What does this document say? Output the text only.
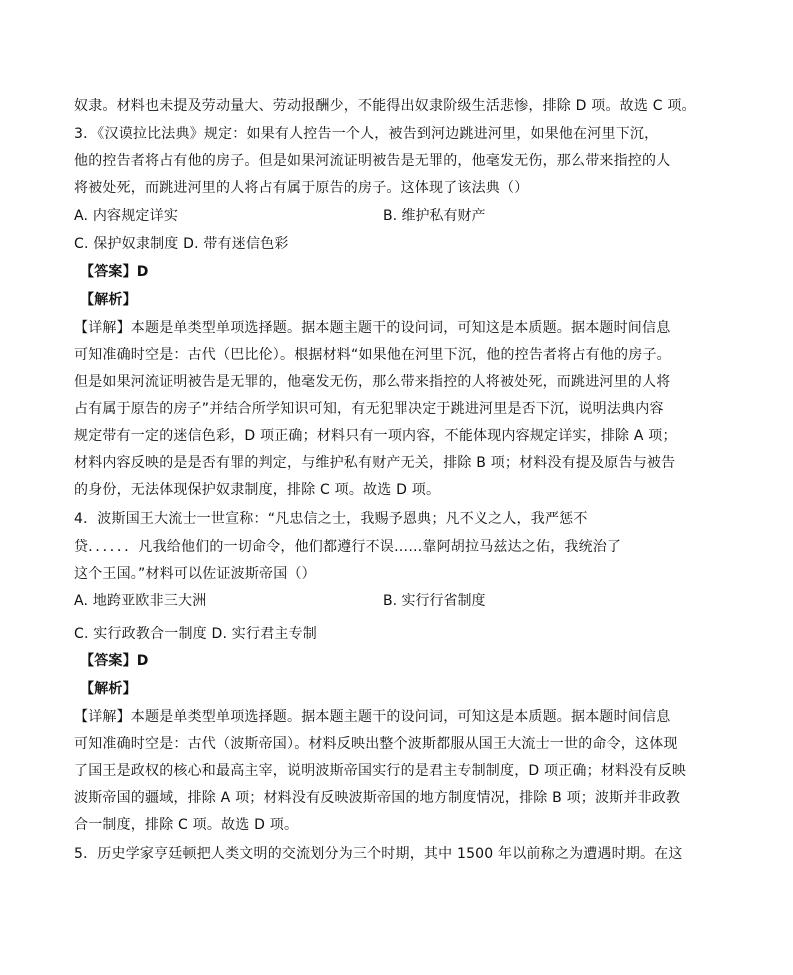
奴隶。材料也未提及劳动量大、劳动报酬少，不能得出奴隶阶级生活悲惨，排除 D 项。故选 C 项。
3．《汉谟拉比法典》规定：如果有人控告一个人，被告到河边跳进河里，如果他在河里下沉，
他的控告者将占有他的房子。但是如果河流证明被告是无罪的，他毫发无伤，那么带来指控的人
将被处死，而跳进河里的人将占有属于原告的房子。这体现了该法典（）
A. 内容规定详实	B. 维护私有财产
C. 保护奴隶制度 D. 带有迷信色彩
【答案】D
【解析】
【详解】本题是单类型单项选择题。据本题主题干的设问词，可知这是本质题。据本题时间信息
可知准确时空是：古代（巴比伦）。根据材料“如果他在河里下沉，他的控告者将占有他的房子。
但是如果河流证明被告是无罪的，他毫发无伤，那么带来指控的人将被处死，而跳进河里的人将
占有属于原告的房子”并结合所学知识可知，有无犯罪决定于跳进河里是否下沉，说明法典内容
规定带有一定的迷信色彩，D 项正确；材料只有一项内容，不能体现内容规定详实，排除 A 项；
材料内容反映的是是否有罪的判定，与维护私有财产无关，排除 B 项；材料没有提及原告与被告
的身份，无法体现保护奴隶制度，排除 C 项。故选 D 项。
4．波斯国王大流士一世宣称：“凡忠信之士，我赐予恩典；凡不义之人，我严惩不
贷．．．．．．凡我给他们的一切命令，他们都遵行不误……靠阿胡拉马兹达之佑，我统治了
这个王国。”材料可以佐证波斯帝国（）
A. 地跨亚欧非三大洲	B. 实行行省制度
C. 实行政教合一制度 D. 实行君主专制
【答案】D
【解析】
【详解】本题是单类型单项选择题。据本题主题干的设问词，可知这是本质题。据本题时间信息
可知准确时空是：古代（波斯帝国）。材料反映出整个波斯都服从国王大流士一世的命令，这体现
了国王是政权的核心和最高主宰，说明波斯帝国实行的是君主专制制度，D 项正确；材料没有反映
波斯帝国的疆域，排除 A 项；材料没有反映波斯帝国的地方制度情况，排除 B 项；波斯并非政教
合一制度，排除 C 项。故选 D 项。
5．历史学家亨廷顿把人类文明的交流划分为三个时期，其中 1500 年以前称之为遭遇时期。在这
